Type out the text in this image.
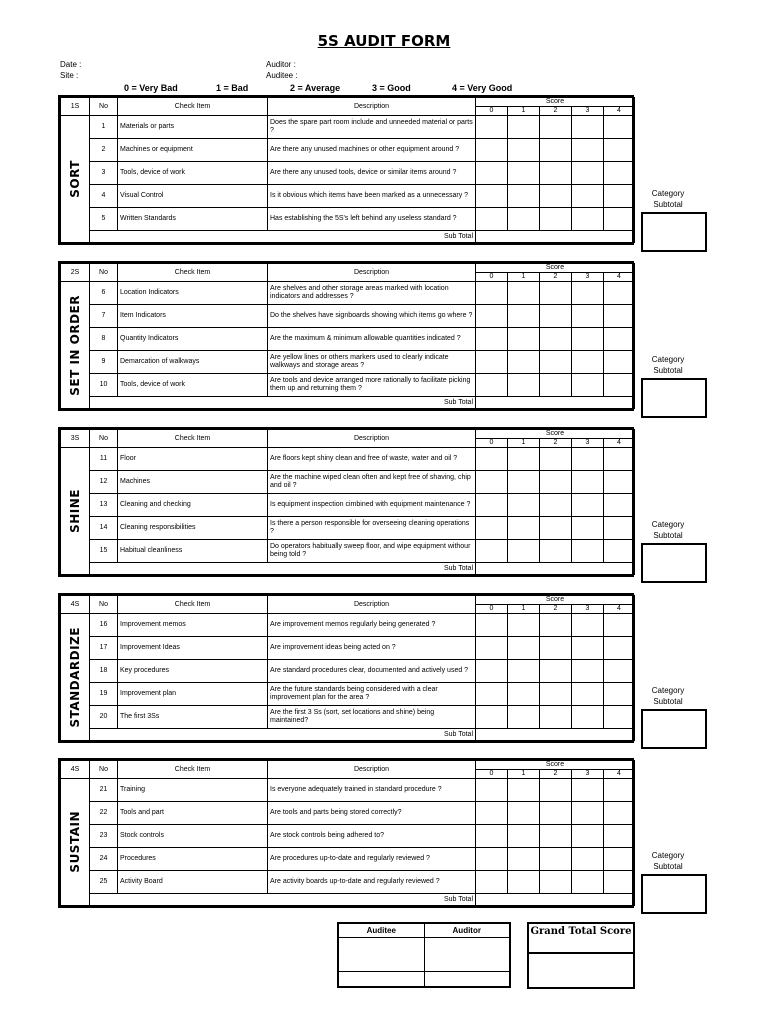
5S AUDIT FORM
Date :
Site :
Auditor :
Auditee :
0 = Very Bad	1 = Bad	2 = Average	3 = Good	4 = Very Good
1S	No	Check Item	Description	Score				
				0	1	2	3	4

SORT	1	Materials or parts	Does the spare part room include and unneeded material or parts ?					
	2	Machines or equipment	Are there any unused machines or other equipment around ?					
	3	Tools, device of work	Are there any unused tools, device or similar items around ?					
	4	Visual Control	Is it obvious which items have been marked as a unnecessary ?					
	5	Written Standards	Has establishing the 5S's left behind any useless standard ?					
	Sub Total							
Category Subtotal
2S	No	Check Item	Description	Score				
				0	1	2	3	4

SET IN ORDER	6	Location Indicators	Are shelves and other storage areas marked with location indicators and addresses ?					
	7	Item Indicators	Do the shelves have signboards showing which items go where ?					
	8	Quantity Indicators	Are the maximum & minimum allowable quantities indicated ?					
	9	Demarcation of walkways	Are yellow lines or others markers used to clearly indicate walkways and storage areas ?					
	10	Tools, device of work	Are tools and device arranged more rationally to facilitate picking them up and returning them ?					
	Sub Total							
Category Subtotal
3S	No	Check Item	Description	Score				
				0	1	2	3	4

SHINE	11	Floor	Are floors kept shiny clean and free of waste, water and oil ?					
	12	Machines	Are the machine wiped clean often and kept free of shaving, chip and oil ?					
	13	Cleaning and checking	Is equipment inspection cimbined with equipment maintenance ?					
	14	Cleaning responsibilities	Is there a person responsible for overseeing cleaning operations ?					
	15	Habitual cleanliness	Do operators habitually sweep floor, and wipe equipment withour being told ?					
	Sub Total							
Category Subtotal
4S	No	Check Item	Description	Score				
				0	1	2	3	4

STANDARDIZE	16	Improvement memos	Are improvement memos regularly being generated ?					
	17	Improvement Ideas	Are improvement ideas being acted on ?					
	18	Key procedures	Are standard procedures clear, documented and actively used ?					
	19	Improvement plan	Are the future standards being considered with a clear improvement plan for the area ?					
	20	The first 3Ss	Are the first 3 Ss (sort, set locations and shine) being maintained?					
	Sub Total							
Category Subtotal
4S	No	Check Item	Description	Score				
				0	1	2	3	4

SUSTAIN	21	Training	Is everyone adequately trained in standard procedure ?					
	22	Tools and part	Are tools and parts being stored correctly?					
	23	Stock controls	Are stock controls being adhered to?					
	24	Procedures	Are procedures up-to-date and regularly reviewed ?					
	25	Activity Board	Are activity boards up-to-date and regularly reviewed ?					
	Sub Total							
Category Subtotal
Auditee	Auditor

		Grand Total Score
